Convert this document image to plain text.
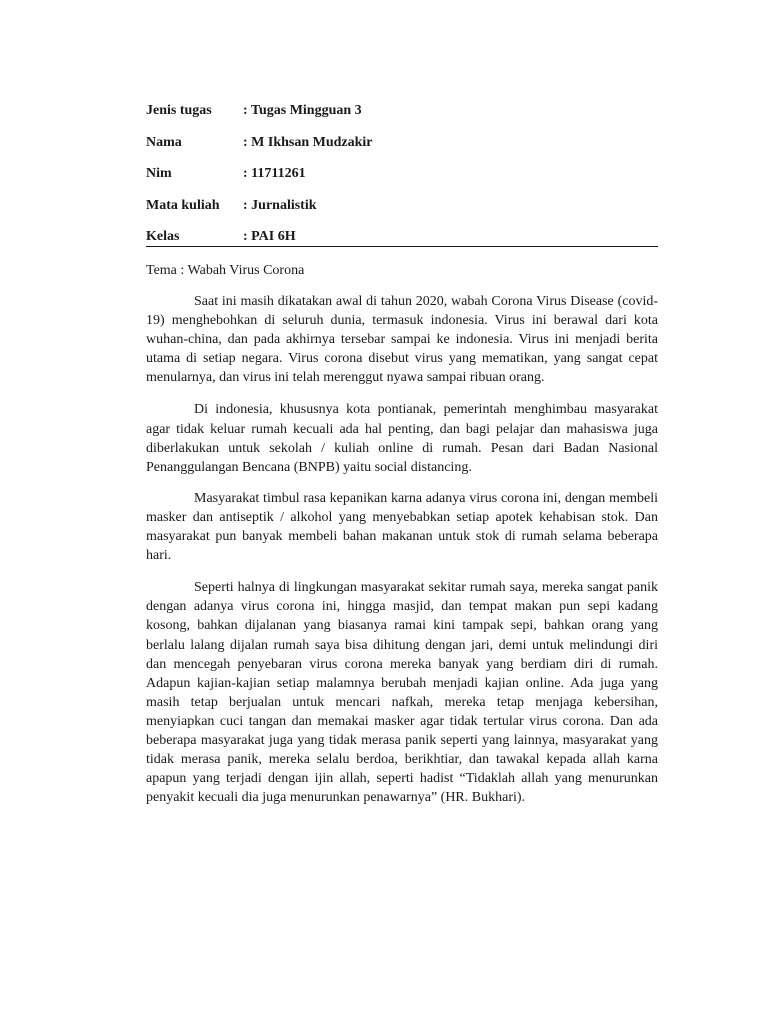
Jenis tugas	: Tugas Mingguan 3
Nama	: M Ikhsan Mudzakir
Nim	: 11711261
Mata kuliah	: Jurnalistik
Kelas	: PAI 6H
Tema : Wabah Virus Corona

Saat ini masih dikatakan awal di tahun 2020, wabah Corona Virus Disease (covid-19) menghebohkan di seluruh dunia, termasuk indonesia. Virus ini berawal dari kota wuhan-china, dan pada akhirnya tersebar sampai ke indonesia. Virus ini menjadi berita utama di setiap negara. Virus corona disebut virus yang mematikan, yang sangat cepat menularnya, dan virus ini telah merenggut nyawa sampai ribuan orang.

Di indonesia, khususnya kota pontianak, pemerintah menghimbau masyarakat agar tidak keluar rumah kecuali ada hal penting, dan bagi pelajar dan mahasiswa juga diberlakukan untuk sekolah / kuliah online di rumah. Pesan dari Badan Nasional Penanggulangan Bencana (BNPB) yaitu social distancing.

Masyarakat timbul rasa kepanikan karna adanya virus corona ini, dengan membeli masker dan antiseptik / alkohol yang menyebabkan setiap apotek kehabisan stok. Dan masyarakat pun banyak membeli bahan makanan untuk stok di rumah selama beberapa hari.

Seperti halnya di lingkungan masyarakat sekitar rumah saya, mereka sangat panik dengan adanya virus corona ini, hingga masjid, dan tempat makan pun sepi kadang kosong, bahkan dijalanan yang biasanya ramai kini tampak sepi, bahkan orang yang berlalu lalang dijalan rumah saya bisa dihitung dengan jari, demi untuk melindungi diri dan mencegah penyebaran virus corona mereka banyak yang berdiam diri di rumah. Adapun kajian-kajian setiap malamnya berubah menjadi kajian online. Ada juga yang masih tetap berjualan untuk mencari nafkah, mereka tetap menjaga kebersihan, menyiapkan cuci tangan dan memakai masker agar tidak tertular virus corona. Dan ada beberapa masyarakat juga yang tidak merasa panik seperti yang lainnya, masyarakat yang tidak merasa panik, mereka selalu berdoa, berikhtiar, dan tawakal kepada allah karna apapun yang terjadi dengan ijin allah, seperti hadist “Tidaklah allah yang menurunkan penyakit kecuali dia juga menurunkan penawarnya” (HR. Bukhari).
